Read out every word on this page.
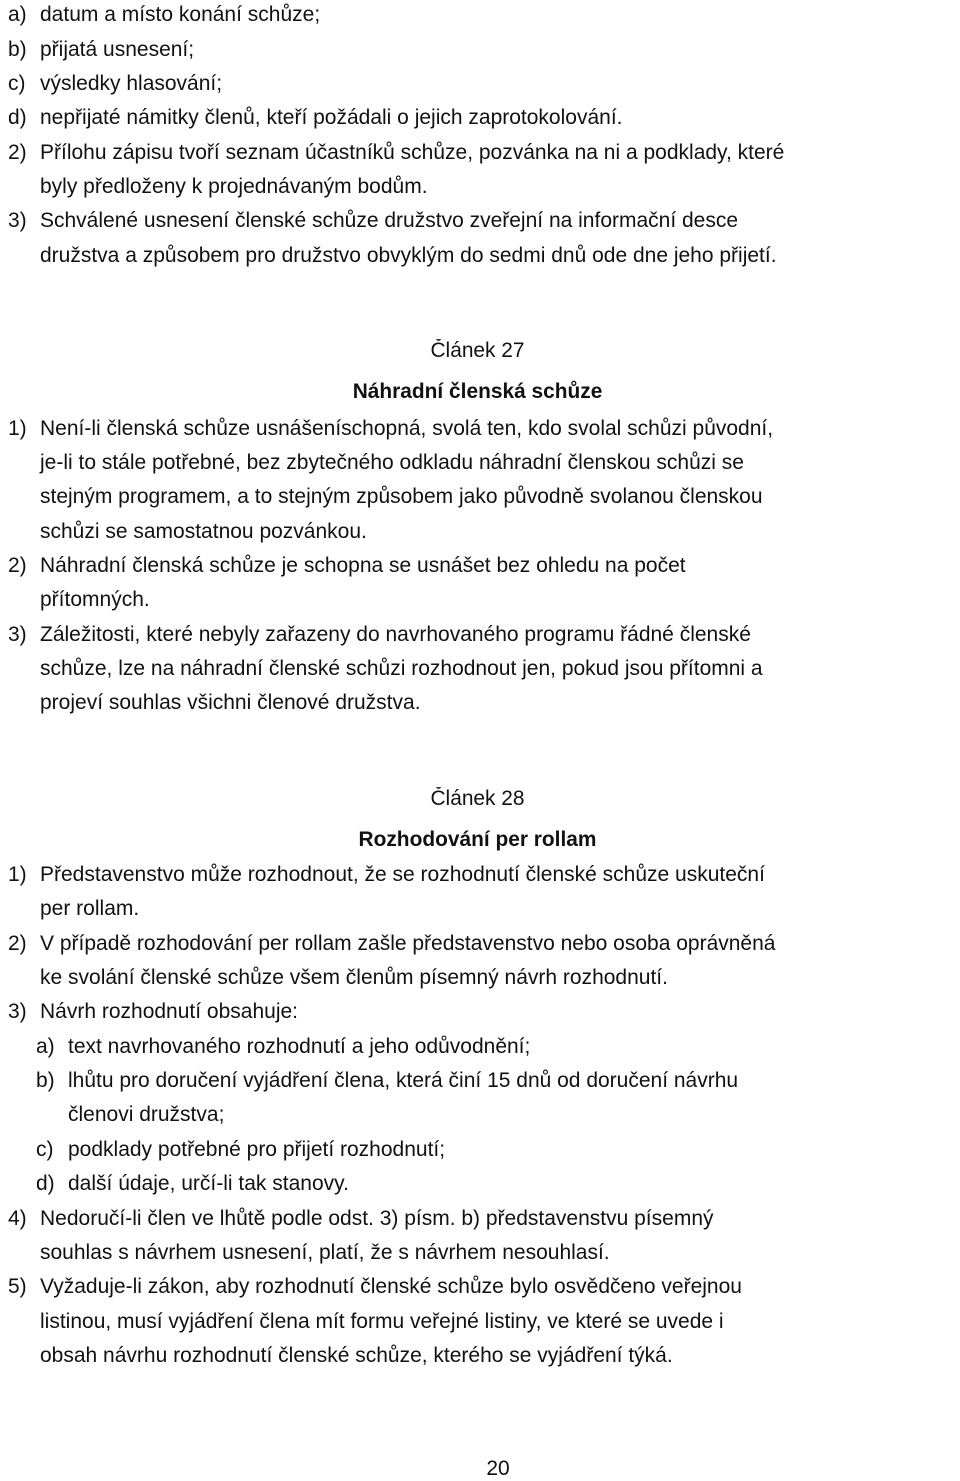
a) datum a místo konání schůze;
b) přijatá usnesení;
c) výsledky hlasování;
d) nepřijaté námitky členů, kteří požádali o jejich zaprotokolování.
2) Přílohu zápisu tvoří seznam účastníků schůze, pozvánka na ni a podklady, které
byly předloženy k projednávaným bodům.
3) Schválené usnesení členské schůze družstvo zveřejní na informační desce
družstva a způsobem pro družstvo obvyklým do sedmi dnů ode dne jeho přijetí.
Článek 27
Náhradní členská schůze
1) Není-li členská schůze usnášeníschopná, svolá ten, kdo svolal schůzi původní,
je-li to stále potřebné, bez zbytečného odkladu náhradní členskou schůzi se
stejným programem, a to stejným způsobem jako původně svolanou členskou
schůzi se samostatnou pozvánkou.
2) Náhradní členská schůze je schopna se usnášet bez ohledu na počet
přítomných.
3) Záležitosti, které nebyly zařazeny do navrhovaného programu řádné členské
schůze, lze na náhradní členské schůzi rozhodnout jen, pokud jsou přítomni a
projeví souhlas všichni členové družstva.
Článek 28
Rozhodování per rollam
1) Představenstvo může rozhodnout, že se rozhodnutí členské schůze uskuteční
per rollam.
2) V případě rozhodování per rollam zašle představenstvo nebo osoba oprávněná
ke svolání členské schůze všem členům písemný návrh rozhodnutí.
3) Návrh rozhodnutí obsahuje:
a) text navrhovaného rozhodnutí a jeho odůvodnění;
b) lhůtu pro doručení vyjádření člena, která činí 15 dnů od doručení návrhu
členovi družstva;
c) podklady potřebné pro přijetí rozhodnutí;
d) další údaje, určí-li tak stanovy.
4) Nedoručí-li člen ve lhůtě podle odst. 3) písm. b) představenstvu písemný
souhlas s návrhem usnesení, platí, že s návrhem nesouhlasí.
5) Vyžaduje-li zákon, aby rozhodnutí členské schůze bylo osvědčeno veřejnou
listinou, musí vyjádření člena mít formu veřejné listiny, ve které se uvede i
obsah návrhu rozhodnutí členské schůze, kterého se vyjádření týká.
20
